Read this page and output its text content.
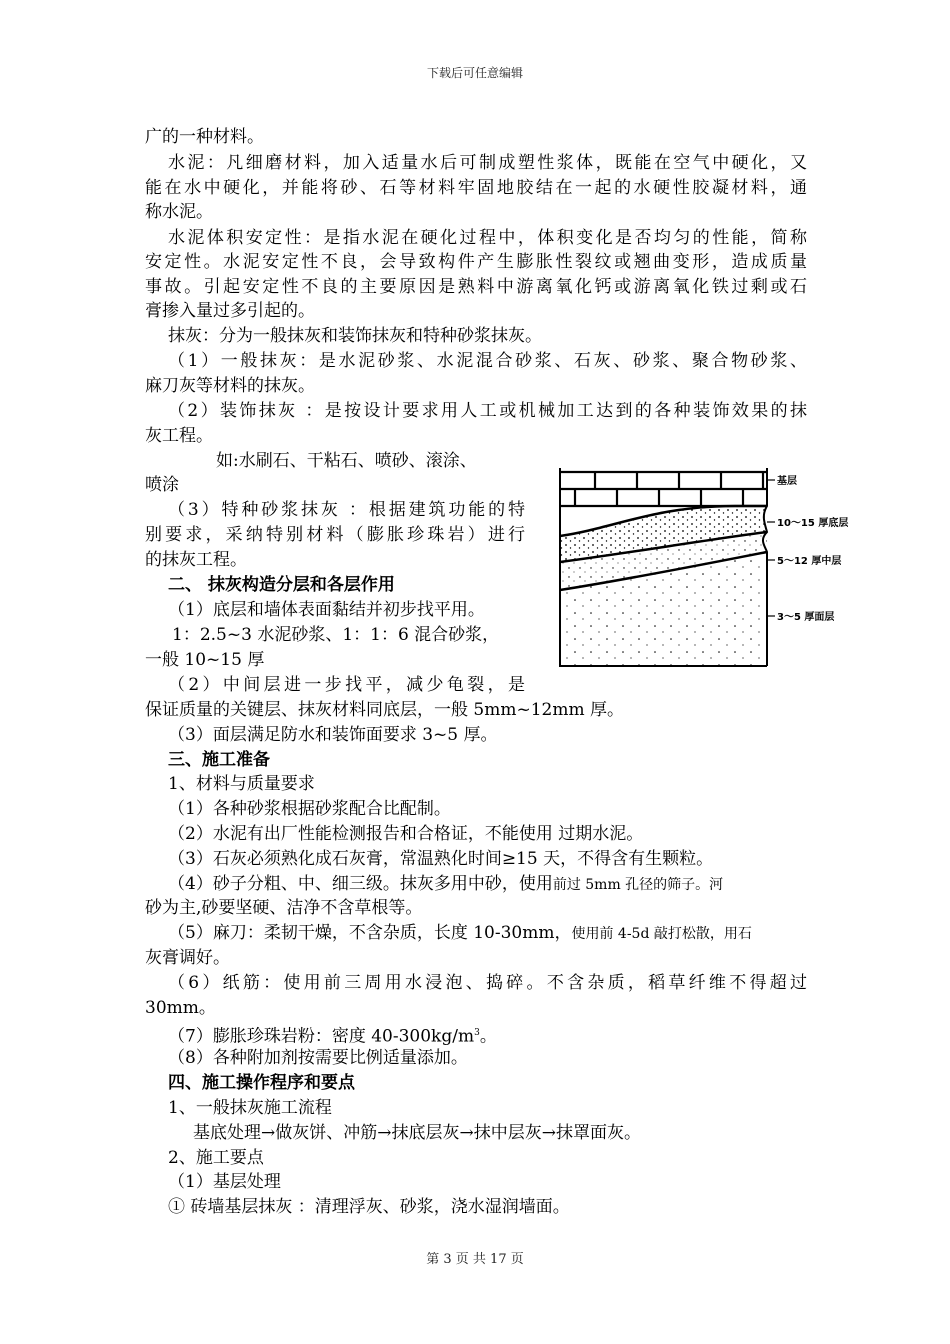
下载后可任意编辑
广的一种材料。
水泥：凡细磨材料，加入适量水后可制成塑性浆体，既能在空气中硬化，又
能在水中硬化，并能将砂、石等材料牢固地胶结在一起的水硬性胶凝材料，通
称水泥。
水泥体积安定性：是指水泥在硬化过程中，体积变化是否均匀的性能，简称
安定性。水泥安定性不良，会导致构件产生膨胀性裂纹或翘曲变形，造成质量
事故。引起安定性不良的主要原因是熟料中游离氧化钙或游离氧化铁过剩或石
膏掺入量过多引起的。
抹灰：分为一般抹灰和装饰抹灰和特种砂浆抹灰。
（1）一般抹灰：是水泥砂浆、水泥混合砂浆、石灰、砂浆、聚合物砂浆、
麻刀灰等材料的抹灰。
（2）装饰抹灰 ：是按设计要求用人工或机械加工达到的各种装饰效果的抹
灰工程。
如:水刷石、干粘石、喷砂、滚涂、
喷涂
（3）特种砂浆抹灰 ：根据建筑功能的特
别要求，采纳特别材料（膨胀珍珠岩）进行
的抹灰工程。
二、 抹灰构造分层和各层作用
（1）底层和墙体表面黏结并初步找平用。
1：2.5~3 水泥砂浆、1：1：6 混合砂浆，
一般 10~15 厚
（2）中间层进一步找平，减少龟裂，是
保证质量的关键层、抹灰材料同底层，一般 5mm~12mm 厚。
（3）面层满足防水和装饰面要求 3~5 厚。
三、施工准备
1、材料与质量要求
（1）各种砂浆根据砂浆配合比配制。
（2）水泥有出厂性能检测报告和合格证，不能使用 过期水泥。
（3）石灰必须熟化成石灰膏，常温熟化时间≥15 天，不得含有生颗粒。
（4）砂子分粗、中、细三级。抹灰多用中砂，使用前过 5mm 孔径的筛子。河
砂为主,砂要坚硬、洁净不含草根等。
（5）麻刀：柔韧干燥，不含杂质，长度 10-30mm，使用前 4-5d 敲打松散，用石
灰膏调好。
（6）纸筋：使用前三周用水浸泡、捣碎。不含杂质，稻草纤维不得超过
30mm。
（7）膨胀珍珠岩粉：密度 $40-300kg/m^3$。
（8）各种附加剂按需要比例适量添加。
四、施工操作程序和要点
1、一般抹灰施工流程
基底处理→做灰饼、冲筋→抹底层灰→抹中层灰→抹罩面灰。
2、施工要点
（1）基层处理
① 砖墙基层抹灰 ：清理浮灰、砂浆，浇水湿润墙面。
基层
10～15 厚底层
5～12 厚中层
3～5 厚面层
第 3 页 共 17 页
